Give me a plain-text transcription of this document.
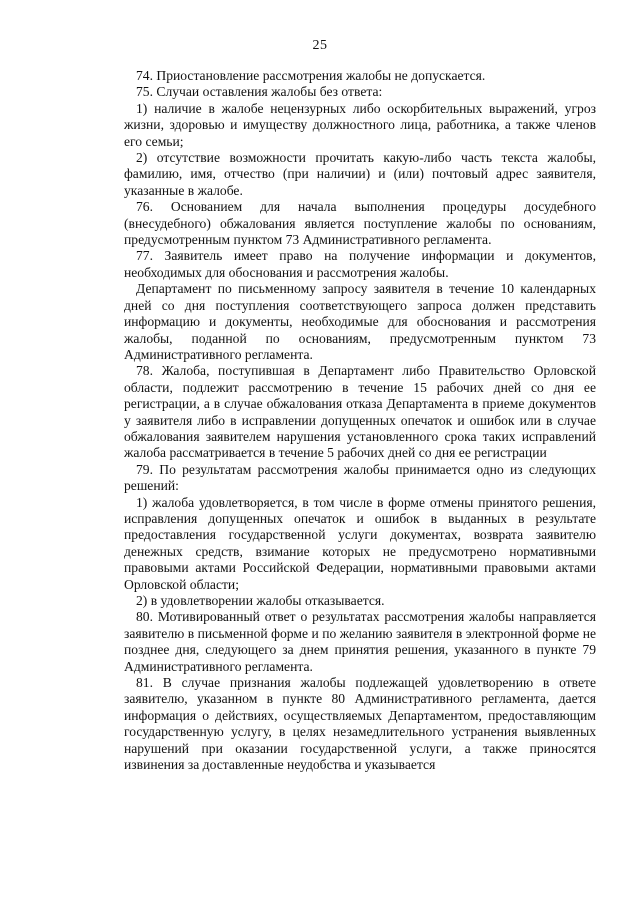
25

74. Приостановление рассмотрения жалобы не допускается.

75. Случаи оставления жалобы без ответа:

1) наличие в жалобе нецензурных либо оскорбительных выражений, угроз жизни, здоровью и имуществу должностного лица, работника, а также членов его семьи;

2) отсутствие возможности прочитать какую-либо часть текста жалобы, фамилию, имя, отчество (при наличии) и (или) почтовый адрес заявителя, указанные в жалобе.

76. Основанием для начала выполнения процедуры досудебного (внесудебного) обжалования является поступление жалобы по основаниям, предусмотренным пунктом 73 Административного регламента.

77. Заявитель имеет право на получение информации и документов, необходимых для обоснования и рассмотрения жалобы.

Департамент по письменному запросу заявителя в течение 10 календарных дней со дня поступления соответствующего запроса должен представить информацию и документы, необходимые для обоснования и рассмотрения жалобы, поданной по основаниям, предусмотренным пунктом 73 Административного регламента.

78. Жалоба, поступившая в Департамент либо Правительство Орловской области, подлежит рассмотрению в течение 15 рабочих дней со дня ее регистрации, а в случае обжалования отказа Департамента в приеме документов у заявителя либо в исправлении допущенных опечаток и ошибок или в случае обжалования заявителем нарушения установленного срока таких исправлений жалоба рассматривается в течение 5 рабочих дней со дня ее регистрации

79. По результатам рассмотрения жалобы принимается одно из следующих решений:

1) жалоба удовлетворяется, в том числе в форме отмены принятого решения, исправления допущенных опечаток и ошибок в выданных в результате предоставления государственной услуги документах, возврата заявителю денежных средств, взимание которых не предусмотрено нормативными правовыми актами Российской Федерации, нормативными правовыми актами Орловской области;

2) в удовлетворении жалобы отказывается.

80. Мотивированный ответ о результатах рассмотрения жалобы направляется заявителю в письменной форме и по желанию заявителя в электронной форме не позднее дня, следующего за днем принятия решения, указанного в пункте 79 Административного регламента.

81. В случае признания жалобы подлежащей удовлетворению в ответе заявителю, указанном в пункте 80 Административного регламента, дается информация о действиях, осуществляемых Департаментом, предоставляющим государственную услугу, в целях незамедлительного устранения выявленных нарушений при оказании государственной услуги, а также приносятся извинения за доставленные неудобства и указывается
